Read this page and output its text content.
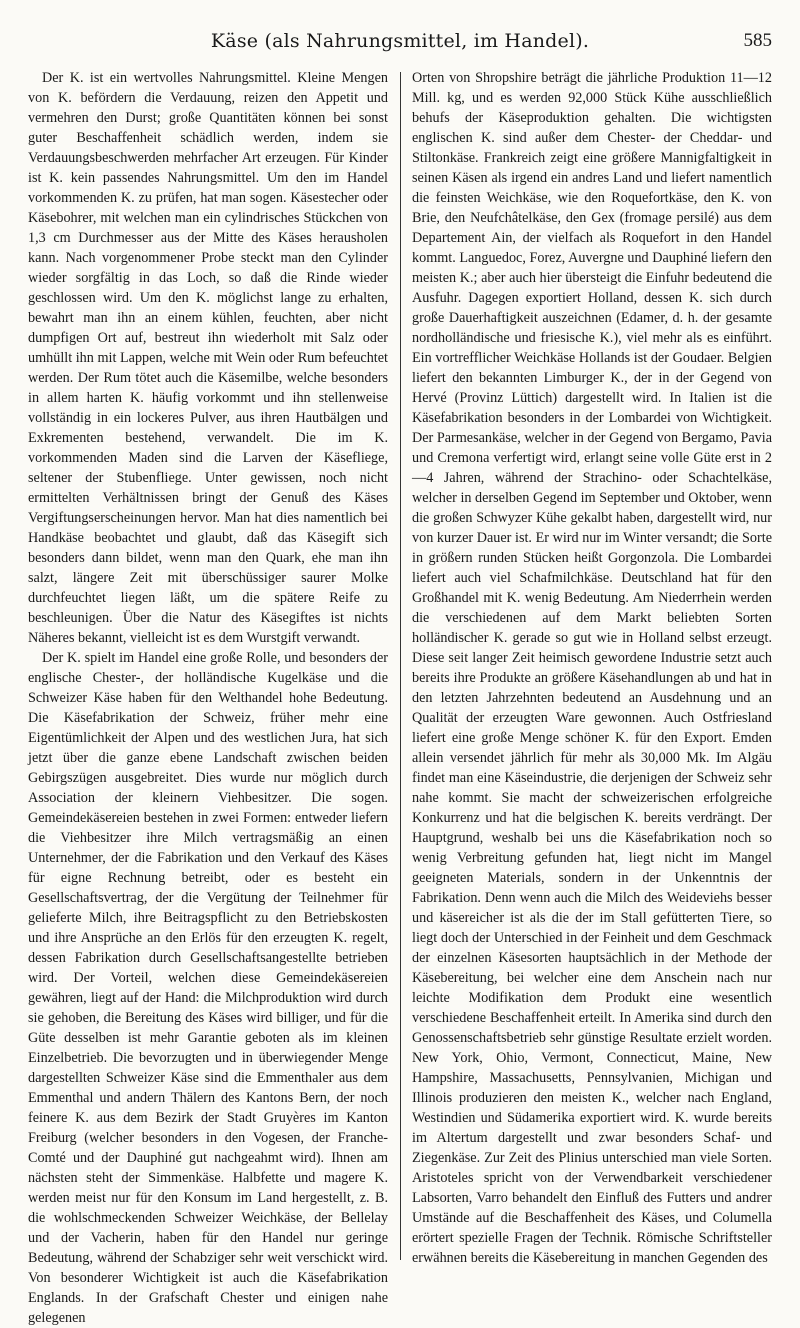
Käse (als Nahrungsmittel, im Handel).	585

Der K. ist ein wertvolles Nahrungsmittel. Kleine Mengen von K. befördern die Verdauung, reizen den Appetit und vermehren den Durst; große Quantitäten können bei sonst guter Beschaffenheit schädlich werden, indem sie Verdauungsbeschwerden mehrfacher Art erzeugen. Für Kinder ist K. kein passendes Nahrungsmittel. Um den im Handel vorkommenden K. zu prüfen, hat man sogen. Käsestecher oder Käsebohrer, mit welchen man ein cylindrisches Stückchen von 1,3 cm Durchmesser aus der Mitte des Käses herausholen kann. Nach vorgenommener Probe steckt man den Cylinder wieder sorgfältig in das Loch, so daß die Rinde wieder geschlossen wird. Um den K. möglichst lange zu erhalten, bewahrt man ihn an einem kühlen, feuchten, aber nicht dumpfigen Ort auf, bestreut ihn wiederholt mit Salz oder umhüllt ihn mit Lappen, welche mit Wein oder Rum befeuchtet werden. Der Rum tötet auch die Käsemilbe, welche besonders in allem harten K. häufig vorkommt und ihn stellenweise vollständig in ein lockeres Pulver, aus ihren Hautbälgen und Exkrementen bestehend, verwandelt. Die im K. vorkommenden Maden sind die Larven der Käsefliege, seltener der Stubenfliege. Unter gewissen, noch nicht ermittelten Verhältnissen bringt der Genuß des Käses Vergiftungserscheinungen hervor. Man hat dies namentlich bei Handkäse beobachtet und glaubt, daß das Käsegift sich besonders dann bildet, wenn man den Quark, ehe man ihn salzt, längere Zeit mit überschüssiger saurer Molke durchfeuchtet liegen läßt, um die spätere Reife zu beschleunigen. Über die Natur des Käsegiftes ist nichts Näheres bekannt, vielleicht ist es dem Wurstgift verwandt.

Der K. spielt im Handel eine große Rolle, und besonders der englische Chester-, der holländische Kugelkäse und die Schweizer Käse haben für den Welthandel hohe Bedeutung. Die Käsefabrikation der Schweiz, früher mehr eine Eigentümlichkeit der Alpen und des westlichen Jura, hat sich jetzt über die ganze ebene Landschaft zwischen beiden Gebirgszügen ausgebreitet. Dies wurde nur möglich durch Association der kleinern Viehbesitzer. Die sogen. Gemeindekäsereien bestehen in zwei Formen: entweder liefern die Viehbesitzer ihre Milch vertragsmäßig an einen Unternehmer, der die Fabrikation und den Verkauf des Käses für eigne Rechnung betreibt, oder es besteht ein Gesellschaftsvertrag, der die Vergütung der Teilnehmer für gelieferte Milch, ihre Beitragspflicht zu den Betriebskosten und ihre Ansprüche an den Erlös für den erzeugten K. regelt, dessen Fabrikation durch Gesellschaftsangestellte betrieben wird. Der Vorteil, welchen diese Gemeindekäsereien gewähren, liegt auf der Hand: die Milchproduktion wird durch sie gehoben, die Bereitung des Käses wird billiger, und für die Güte desselben ist mehr Garantie geboten als im kleinen Einzelbetrieb. Die bevorzugten und in überwiegender Menge dargestellten Schweizer Käse sind die Emmenthaler aus dem Emmenthal und andern Thälern des Kantons Bern, der noch feinere K. aus dem Bezirk der Stadt Gruyères im Kanton Freiburg (welcher besonders in den Vogesen, der Franche-Comté und der Dauphiné gut nachgeahmt wird). Ihnen am nächsten steht der Simmenkäse. Halbfette und magere K. werden meist nur für den Konsum im Land hergestellt, z. B. die wohlschmeckenden Schweizer Weichkäse, der Bellelay und der Vacherin, haben für den Handel nur geringe Bedeutung, während der Schabziger sehr weit verschickt wird. Von besonderer Wichtigkeit ist auch die Käsefabrikation Englands. In der Grafschaft Chester und einigen nahe gelegenen

Orten von Shropshire beträgt die jährliche Produktion 11—12 Mill. kg, und es werden 92,000 Stück Kühe ausschließlich behufs der Käseproduktion gehalten. Die wichtigsten englischen K. sind außer dem Chester- der Cheddar- und Stiltonkäse. Frankreich zeigt eine größere Mannigfaltigkeit in seinen Käsen als irgend ein andres Land und liefert namentlich die feinsten Weichkäse, wie den Roquefortkäse, den K. von Brie, den Neufchâtelkäse, den Gex (fromage persilé) aus dem Departement Ain, der vielfach als Roquefort in den Handel kommt. Languedoc, Forez, Auvergne und Dauphiné liefern den meisten K.; aber auch hier übersteigt die Einfuhr bedeutend die Ausfuhr. Dagegen exportiert Holland, dessen K. sich durch große Dauerhaftigkeit auszeichnen (Edamer, d. h. der gesamte nordholländische und friesische K.), viel mehr als es einführt. Ein vortrefflicher Weichkäse Hollands ist der Goudaer. Belgien liefert den bekannten Limburger K., der in der Gegend von Hervé (Provinz Lüttich) dargestellt wird. In Italien ist die Käsefabrikation besonders in der Lombardei von Wichtigkeit. Der Parmesankäse, welcher in der Gegend von Bergamo, Pavia und Cremona verfertigt wird, erlangt seine volle Güte erst in 2—4 Jahren, während der Strachino- oder Schachtelkäse, welcher in derselben Gegend im September und Oktober, wenn die großen Schwyzer Kühe gekalbt haben, dargestellt wird, nur von kurzer Dauer ist. Er wird nur im Winter versandt; die Sorte in größern runden Stücken heißt Gorgonzola. Die Lombardei liefert auch viel Schafmilchkäse. Deutschland hat für den Großhandel mit K. wenig Bedeutung. Am Niederrhein werden die verschiedenen auf dem Markt beliebten Sorten holländischer K. gerade so gut wie in Holland selbst erzeugt. Diese seit langer Zeit heimisch gewordene Industrie setzt auch bereits ihre Produkte an größere Käsehandlungen ab und hat in den letzten Jahrzehnten bedeutend an Ausdehnung und an Qualität der erzeugten Ware gewonnen. Auch Ostfriesland liefert eine große Menge schöner K. für den Export. Emden allein versendet jährlich für mehr als 30,000 Mk. Im Algäu findet man eine Käseindustrie, die derjenigen der Schweiz sehr nahe kommt. Sie macht der schweizerischen erfolgreiche Konkurrenz und hat die belgischen K. bereits verdrängt. Der Hauptgrund, weshalb bei uns die Käsefabrikation noch so wenig Verbreitung gefunden hat, liegt nicht im Mangel geeigneten Materials, sondern in der Unkenntnis der Fabrikation. Denn wenn auch die Milch des Weideviehs besser und käsereicher ist als die der im Stall gefütterten Tiere, so liegt doch der Unterschied in der Feinheit und dem Geschmack der einzelnen Käsesorten hauptsächlich in der Methode der Käsebereitung, bei welcher eine dem Anschein nach nur leichte Modifikation dem Produkt eine wesentlich verschiedene Beschaffenheit erteilt. In Amerika sind durch den Genossenschaftsbetrieb sehr günstige Resultate erzielt worden. New York, Ohio, Vermont, Connecticut, Maine, New Hampshire, Massachusetts, Pennsylvanien, Michigan und Illinois produzieren den meisten K., welcher nach England, Westindien und Südamerika exportiert wird. K. wurde bereits im Altertum dargestellt und zwar besonders Schaf- und Ziegenkäse. Zur Zeit des Plinius unterschied man viele Sorten. Aristoteles spricht von der Verwendbarkeit verschiedener Labsorten, Varro behandelt den Einfluß des Futters und andrer Umstände auf die Beschaffenheit des Käses, und Columella erörtert spezielle Fragen der Technik. Römische Schriftsteller erwähnen bereits die Käsebereitung in manchen Gegenden des
